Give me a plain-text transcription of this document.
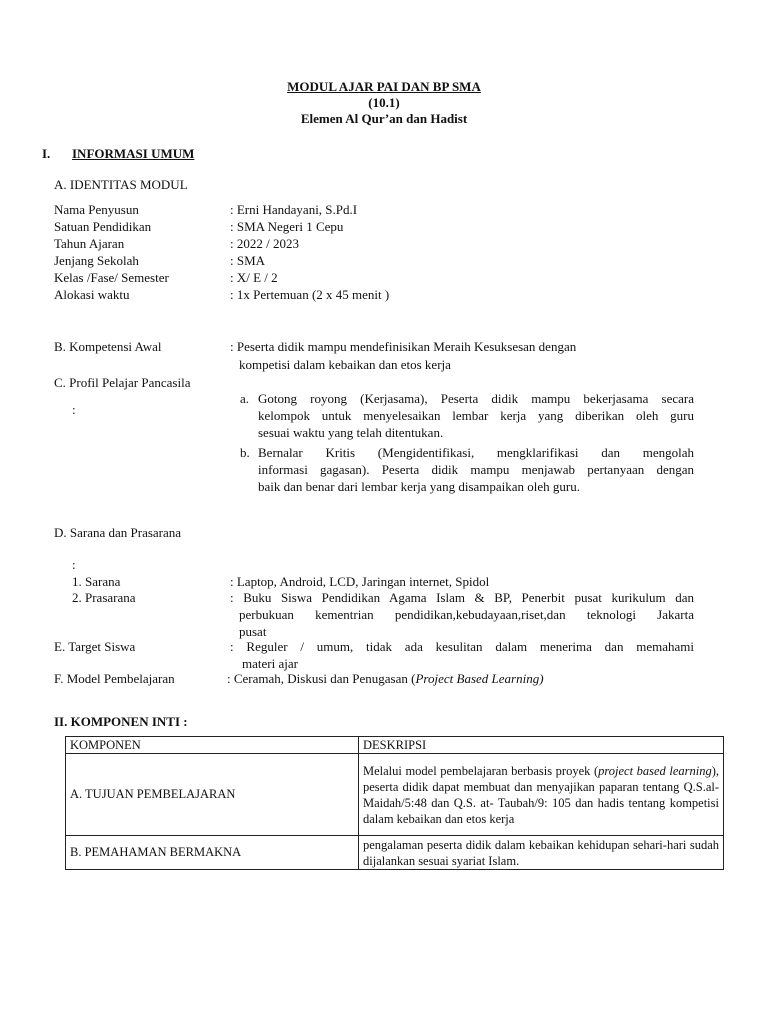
MODUL AJAR PAI DAN BP SMA
(10.1)
Elemen Al Qur’an dan Hadist
I. INFORMASI UMUM
A. IDENTITAS MODUL
Nama Penyusun	: Erni Handayani, S.Pd.I
Satuan Pendidikan	: SMA Negeri 1 Cepu
Tahun Ajaran	: 2022 / 2023
Jenjang Sekolah	: SMA
Kelas /Fase/ Semester	: X/ E / 2
Alokasi waktu	: 1x Pertemuan (2 x 45 menit )
B. Kompetensi Awal	: Peserta didik mampu mendefinisikan Meraih Kesuksesan dengan
kompetisi dalam kebaikan dan etos kerja
C. Profil Pelajar Pancasila
:
a. Gotong royong (Kerjasama), Peserta didik mampu bekerjasama secara
kelompok untuk menyelesaikan lembar kerja yang diberikan oleh guru
sesuai waktu yang telah ditentukan.
b. Bernalar Kritis (Mengidentifikasi, mengklarifikasi dan mengolah
informasi gagasan). Peserta didik mampu menjawab pertanyaan dengan
baik dan benar dari lembar kerja yang disampaikan oleh guru.
D. Sarana dan Prasarana
:
1. Sarana	: Laptop, Android, LCD, Jaringan internet, Spidol
2. Prasarana	: Buku Siswa Pendidikan Agama Islam & BP, Penerbit pusat kurikulum dan
perbukuan kementrian pendidikan,kebudayaan,riset,dan teknologi Jakarta
pusat
E. Target Siswa	: Reguler / umum, tidak ada kesulitan dalam menerima dan memahami
materi ajar
F. Model Pembelajaran	: Ceramah, Diskusi dan Penugasan (Project Based Learning)
II. KOMPONEN INTI :
KOMPONEN	DESKRIPSI
A. TUJUAN PEMBELAJARAN	Melalui model pembelajaran berbasis proyek (project based learning), peserta didik dapat membuat dan menyajikan paparan tentang Q.S.al-Maidah/5:48 dan Q.S. at- Taubah/9: 105 dan hadis tentang kompetisi dalam kebaikan dan etos kerja
B. PEMAHAMAN BERMAKNA	pengalaman peserta didik dalam kebaikan kehidupan sehari-hari sudah dijalankan sesuai syariat Islam.
